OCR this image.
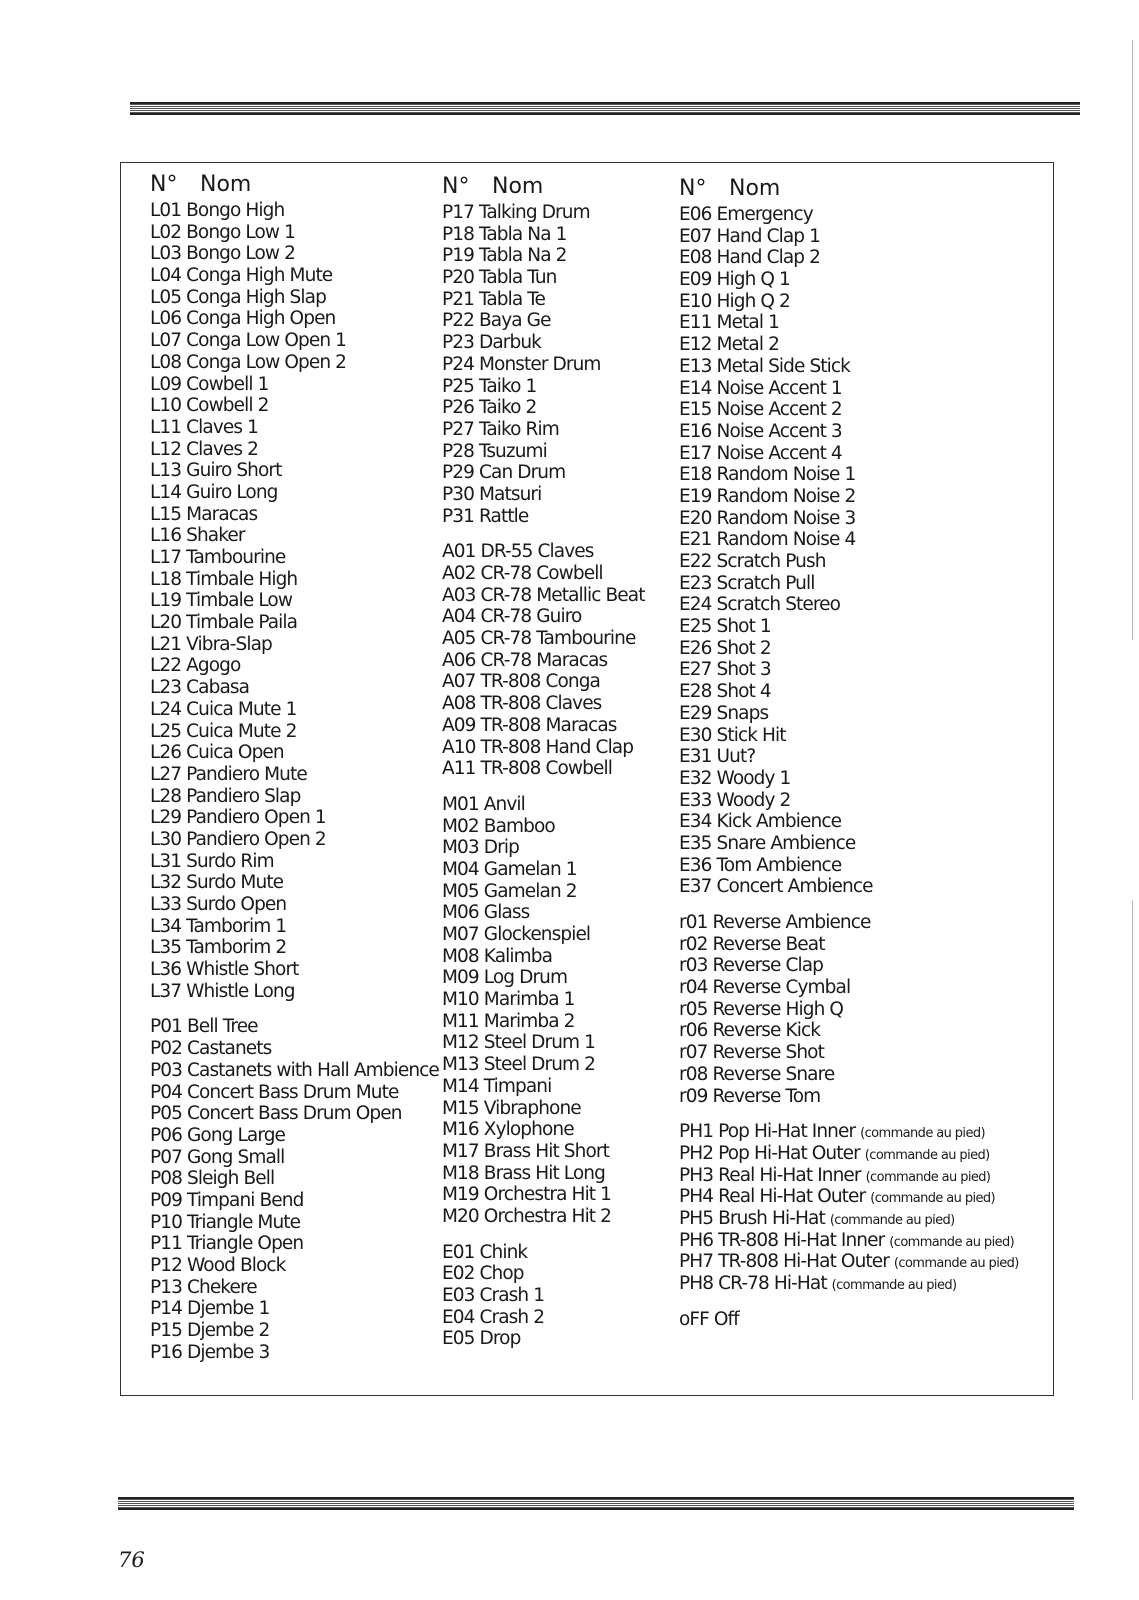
N° Nom
L01 Bongo High
L02 Bongo Low 1
L03 Bongo Low 2
L04 Conga High Mute
L05 Conga High Slap
L06 Conga High Open
L07 Conga Low Open 1
L08 Conga Low Open 2
L09 Cowbell 1
L10 Cowbell 2
L11 Claves 1
L12 Claves 2
L13 Guiro Short
L14 Guiro Long
L15 Maracas
L16 Shaker
L17 Tambourine
L18 Timbale High
L19 Timbale Low
L20 Timbale Paila
L21 Vibra-Slap
L22 Agogo
L23 Cabasa
L24 Cuica Mute 1
L25 Cuica Mute 2
L26 Cuica Open
L27 Pandiero Mute
L28 Pandiero Slap
L29 Pandiero Open 1
L30 Pandiero Open 2
L31 Surdo Rim
L32 Surdo Mute
L33 Surdo Open
L34 Tamborim 1
L35 Tamborim 2
L36 Whistle Short
L37 Whistle Long
P01 Bell Tree
P02 Castanets
P03 Castanets with Hall Ambience
P04 Concert Bass Drum Mute
P05 Concert Bass Drum Open
P06 Gong Large
P07 Gong Small
P08 Sleigh Bell
P09 Timpani Bend
P10 Triangle Mute
P11 Triangle Open
P12 Wood Block
P13 Chekere
P14 Djembe 1
P15 Djembe 2
P16 Djembe 3
N° Nom
P17 Talking Drum
P18 Tabla Na 1
P19 Tabla Na 2
P20 Tabla Tun
P21 Tabla Te
P22 Baya Ge
P23 Darbuk
P24 Monster Drum
P25 Taiko 1
P26 Taiko 2
P27 Taiko Rim
P28 Tsuzumi
P29 Can Drum
P30 Matsuri
P31 Rattle
A01 DR-55 Claves
A02 CR-78 Cowbell
A03 CR-78 Metallic Beat
A04 CR-78 Guiro
A05 CR-78 Tambourine
A06 CR-78 Maracas
A07 TR-808 Conga
A08 TR-808 Claves
A09 TR-808 Maracas
A10 TR-808 Hand Clap
A11 TR-808 Cowbell
M01 Anvil
M02 Bamboo
M03 Drip
M04 Gamelan 1
M05 Gamelan 2
M06 Glass
M07 Glockenspiel
M08 Kalimba
M09 Log Drum
M10 Marimba 1
M11 Marimba 2
M12 Steel Drum 1
M13 Steel Drum 2
M14 Timpani
M15 Vibraphone
M16 Xylophone
M17 Brass Hit Short
M18 Brass Hit Long
M19 Orchestra Hit 1
M20 Orchestra Hit 2
E01 Chink
E02 Chop
E03 Crash 1
E04 Crash 2
E05 Drop
N° Nom
E06 Emergency
E07 Hand Clap 1
E08 Hand Clap 2
E09 High Q 1
E10 High Q 2
E11 Metal 1
E12 Metal 2
E13 Metal Side Stick
E14 Noise Accent 1
E15 Noise Accent 2
E16 Noise Accent 3
E17 Noise Accent 4
E18 Random Noise 1
E19 Random Noise 2
E20 Random Noise 3
E21 Random Noise 4
E22 Scratch Push
E23 Scratch Pull
E24 Scratch Stereo
E25 Shot 1
E26 Shot 2
E27 Shot 3
E28 Shot 4
E29 Snaps
E30 Stick Hit
E31 Uut?
E32 Woody 1
E33 Woody 2
E34 Kick Ambience
E35 Snare Ambience
E36 Tom Ambience
E37 Concert Ambience
r01 Reverse Ambience
r02 Reverse Beat
r03 Reverse Clap
r04 Reverse Cymbal
r05 Reverse High Q
r06 Reverse Kick
r07 Reverse Shot
r08 Reverse Snare
r09 Reverse Tom
PH1 Pop Hi-Hat Inner (commande au pied)
PH2 Pop Hi-Hat Outer (commande au pied)
PH3 Real Hi-Hat Inner (commande au pied)
PH4 Real Hi-Hat Outer (commande au pied)
PH5 Brush Hi-Hat (commande au pied)
PH6 TR-808 Hi-Hat Inner (commande au pied)
PH7 TR-808 Hi-Hat Outer (commande au pied)
PH8 CR-78 Hi-Hat (commande au pied)
oFF Off
76
